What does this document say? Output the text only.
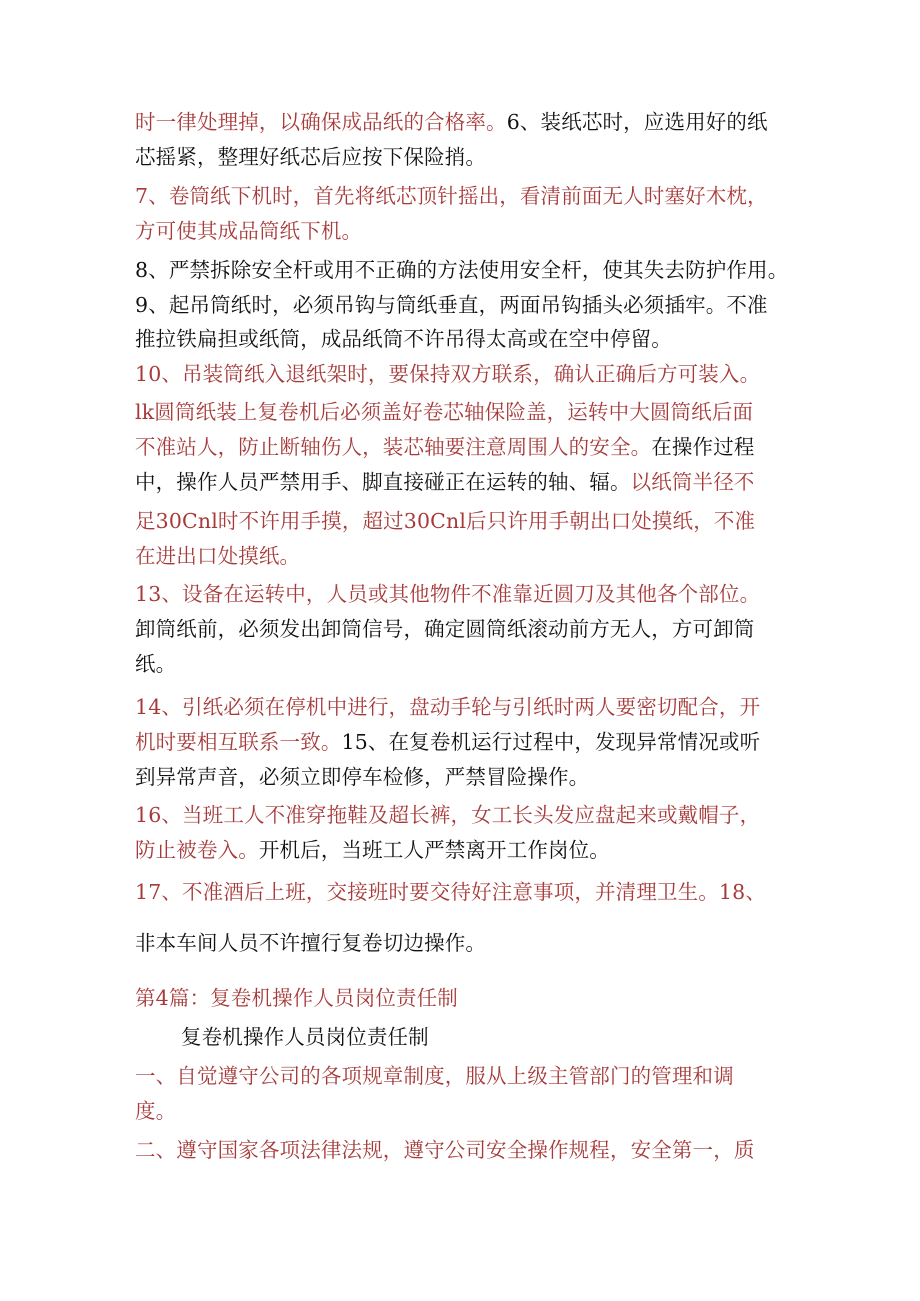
时一律处理掉，以确保成品纸的合格率。6、装纸芯时，应选用好的纸
芯摇紧，整理好纸芯后应按下保险捎。
7、卷筒纸下机时，首先将纸芯顶针摇出，看清前面无人时塞好木枕，
方可使其成品筒纸下机。
8、严禁拆除安全杆或用不正确的方法使用安全杆，使其失去防护作用。
9、起吊筒纸时，必须吊钩与筒纸垂直，两面吊钩插头必须插牢。不准
推拉铁扁担或纸筒，成品纸筒不许吊得太高或在空中停留。
10、吊装筒纸入退纸架时，要保持双方联系，确认正确后方可装入。
lk圆筒纸装上复卷机后必须盖好卷芯轴保险盖，运转中大圆筒纸后面
不准站人，防止断轴伤人，装芯轴要注意周围人的安全。在操作过程
中，操作人员严禁用手、脚直接碰正在运转的轴、辐。以纸筒半径不
足30Cnl时不许用手摸，超过30Cnl后只许用手朝出口处摸纸，不准
在进出口处摸纸。
13、设备在运转中，人员或其他物件不准靠近圆刀及其他各个部位。
卸筒纸前，必须发出卸筒信号，确定圆筒纸滚动前方无人，方可卸筒
纸。
14、引纸必须在停机中进行，盘动手轮与引纸时两人要密切配合，开
机时要相互联系一致。15、在复卷机运行过程中，发现异常情况或听
到异常声音，必须立即停车检修，严禁冒险操作。
16、当班工人不准穿拖鞋及超长裤，女工长头发应盘起来或戴帽子，
防止被卷入。开机后，当班工人严禁离开工作岗位。
17、不准酒后上班，交接班时要交待好注意事项，并清理卫生。18、
非本车间人员不许擅行复卷切边操作。
第4篇：复卷机操作人员岗位责任制
复卷机操作人员岗位责任制
一、自觉遵守公司的各项规章制度，服从上级主管部门的管理和调
度。
二、遵守国家各项法律法规，遵守公司安全操作规程，安全第一，质
